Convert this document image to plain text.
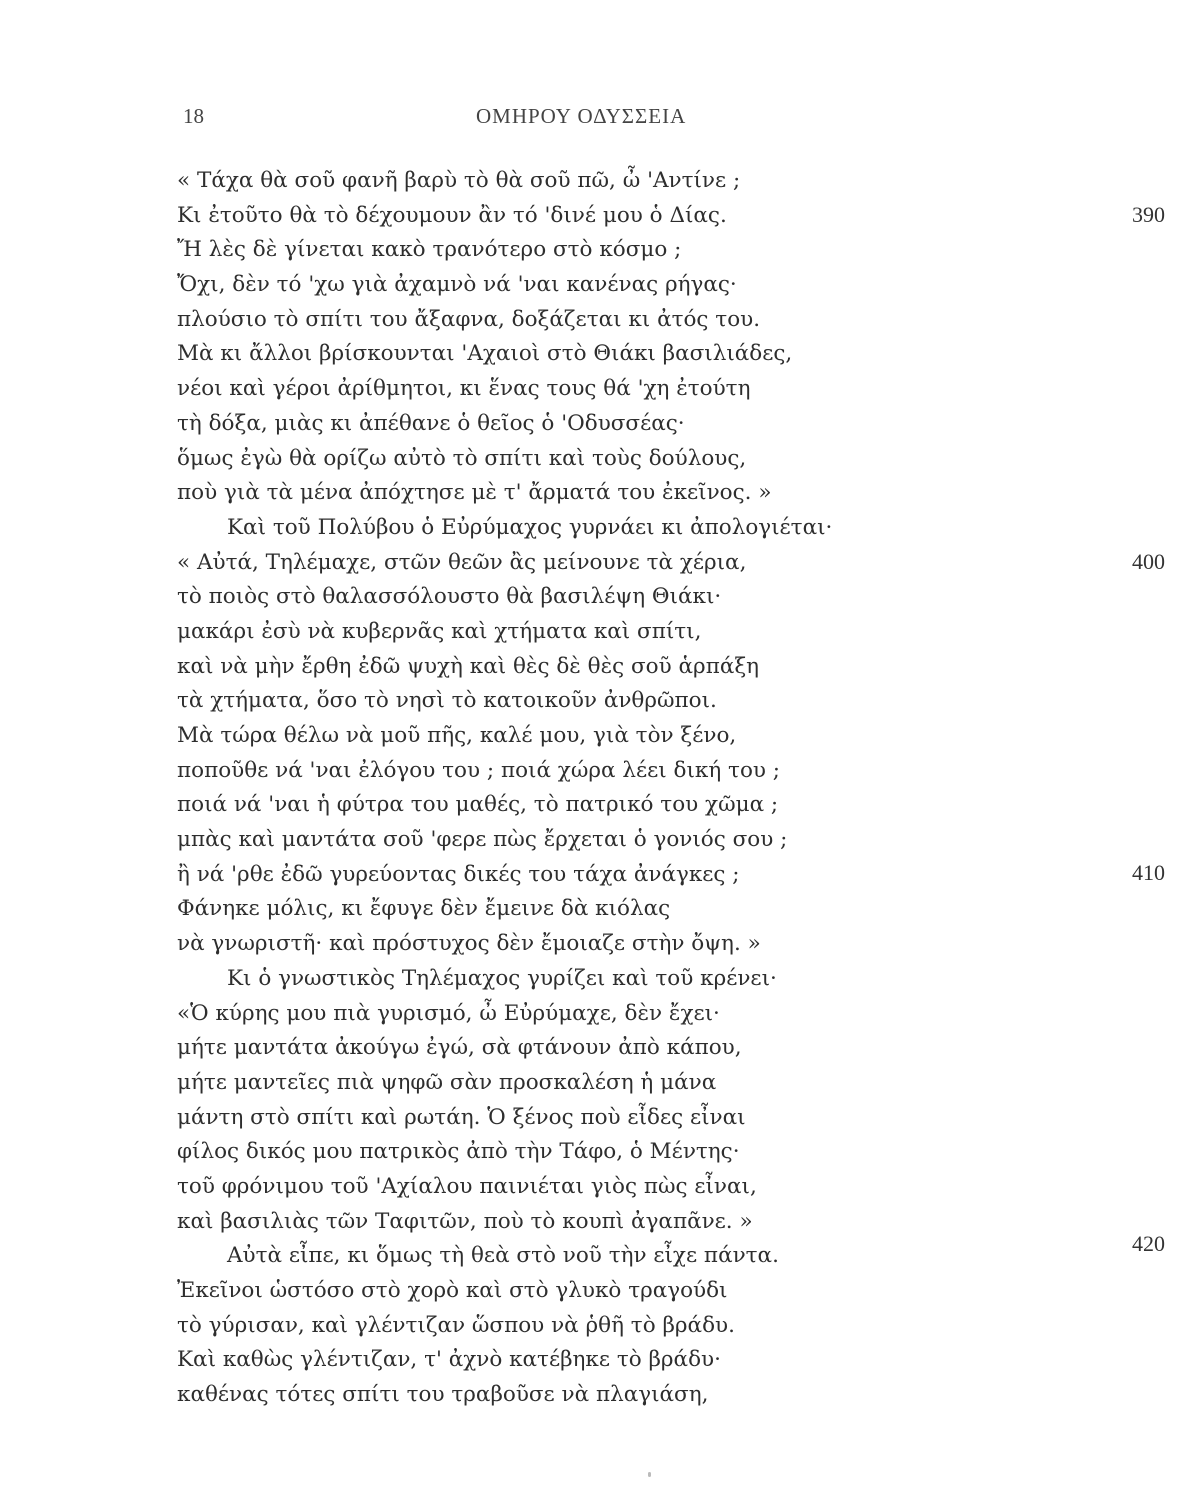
18	ΟΜΗΡΟΥ ΟΔΥΣΣΕΙΑ
« Τάχα θὰ σοῦ φανῆ βαρὺ τὸ θὰ σοῦ πῶ, ὦ 'Αντίνε ;
Κι ἐτοῦτο θὰ τὸ δέχουμουν ἂν τό 'δινέ μου ὁ Δίας.
Ἤ λὲς δὲ γίνεται κακὸ τρανότερο στὸ κόσμο ;
Ὄχι, δὲν τό 'χω γιὰ ἀχαμνὸ νά 'ναι κανένας ρήγας·
πλούσιο τὸ σπίτι του ἄξαφνα, δοξάζεται κι ἀτός του.
Μὰ κι ἄλλοι βρίσκουνται 'Αχαιοὶ στὸ Θιάκι βασιλιάδες,
νέοι καὶ γέροι ἀρίθμητοι, κι ἕνας τους θά 'χη ἐτούτη
τὴ δόξα, μιὰς κι ἀπέθανε ὁ θεῖος ὁ 'Οδυσσέας·
ὅμως ἐγὼ θὰ ορίζω αὐτὸ τὸ σπίτι καὶ τοὺς δούλους,
ποὺ γιὰ τὰ μένα ἀπόχτησε μὲ τ' ἄρματά του ἐκεῖνος. »
Καὶ τοῦ Πολύβου ὁ Εὐρύμαχος γυρνάει κι ἀπολογιέται·
« Αὐτά, Τηλέμαχε, στῶν θεῶν ἂς μείνουνε τὰ χέρια,
τὸ ποιὸς στὸ θαλασσόλουστο θὰ βασιλέψη Θιάκι·
μακάρι ἐσὺ νὰ κυβερνᾶς καὶ χτήματα καὶ σπίτι,
καὶ νὰ μὴν ἔρθη ἐδῶ ψυχὴ καὶ θὲς δὲ θὲς σοῦ ἁρπάξη
τὰ χτήματα, ὅσο τὸ νησὶ τὸ κατοικοῦν ἀνθρῶποι.
Μὰ τώρα θέλω νὰ μοῦ πῆς, καλέ μου, γιὰ τὸν ξένο,
ποποῦθε νά 'ναι ἐλόγου του ; ποιά χώρα λέει δική του ;
ποιά νά 'ναι ἡ φύτρα του μαθές, τὸ πατρικό του χῶμα ;
μπὰς καὶ μαντάτα σοῦ 'φερε πὼς ἔρχεται ὁ γονιός σου ;
ἢ νά 'ρθε ἐδῶ γυρεύοντας δικές του τάχα ἀνάγκες ;
Φάνηκε μόλις, κι ἔφυγε δὲν ἔμεινε δὰ κιόλας
νὰ γνωριστῆ· καὶ πρόστυχος δὲν ἔμοιαζε στὴν ὄψη. »
Κι ὁ γνωστικὸς Τηλέμαχος γυρίζει καὶ τοῦ κρένει·
«Ὁ κύρης μου πιὰ γυρισμό, ὦ Εὐρύμαχε, δὲν ἔχει·
μήτε μαντάτα ἀκούγω ἐγώ, σὰ φτάνουν ἀπὸ κάπου,
μήτε μαντεῖες πιὰ ψηφῶ σὰν προσκαλέση ἡ μάνα
μάντη στὸ σπίτι καὶ ρωτάη. Ὁ ξένος ποὺ εἶδες εἶναι
φίλος δικός μου πατρικὸς ἀπὸ τὴν Τάφο, ὁ Μέντης·
τοῦ φρόνιμου τοῦ 'Αχίαλου παινιέται γιὸς πὼς εἶναι,
καὶ βασιλιὰς τῶν Ταφιτῶν, ποὺ τὸ κουπὶ ἀγαπᾶνε. »
Αὐτὰ εἶπε, κι ὅμως τὴ θεὰ στὸ νοῦ τὴν εἶχε πάντα.
Ἐκεῖνοι ὡστόσο στὸ χορὸ καὶ στὸ γλυκὸ τραγούδι
τὸ γύρισαν, καὶ γλέντιζαν ὥσπου νὰ ῥθῆ τὸ βράδυ.
Καὶ καθὼς γλέντιζαν, τ' ἀχνὸ κατέβηκε τὸ βράδυ·
καθένας τότες σπίτι του τραβοῦσε νὰ πλαγιάση,
390
400
410
420
